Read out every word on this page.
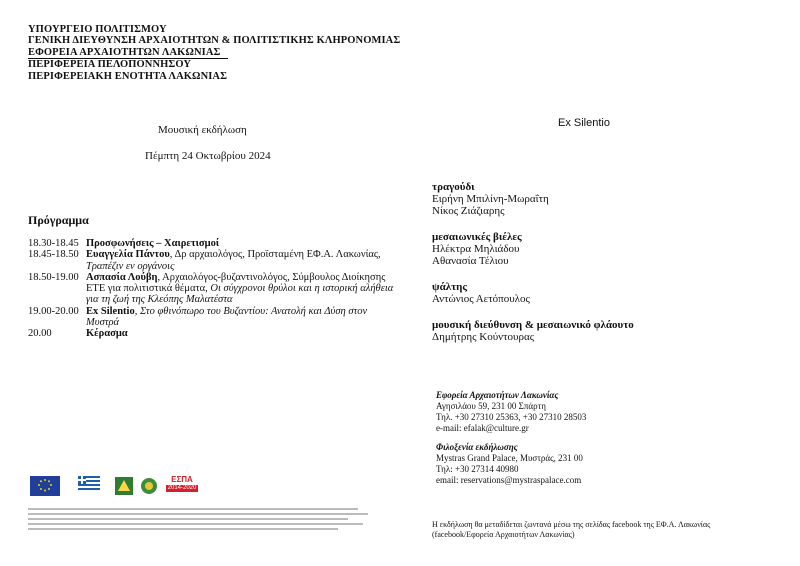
ΥΠΟΥΡΓΕΙΟ ΠΟΛΙΤΙΣΜΟΥ
ΓΕΝΙΚΗ ΔΙΕΥΘΥΝΣΗ ΑΡΧΑΙΟΤΗΤΩΝ & ΠΟΛΙΤΙΣΤΙΚΗΣ ΚΛΗΡΟΝΟΜΙΑΣ
ΕΦΟΡΕΙΑ ΑΡΧΑΙΟΤΗΤΩΝ ΛΑΚΩΝΙΑΣ
ΠΕΡΙΦΕΡΕΙΑ ΠΕΛΟΠΟΝΝΗΣΟΥ
ΠΕΡΙΦΕΡΕΙΑΚΗ ΕΝΟΤΗΤΑ ΛΑΚΩΝΙΑΣ
Μουσική εκδήλωση
Πέμπτη 24 Οκτωβρίου 2024
Ex Silentio
Πρόγραμμα
18.30-18.45 Προσφωνήσεις – Χαιρετισμοί
18.45-18.50 Ευαγγελία Πάντου, Δρ αρχαιολόγος, Προϊσταμένη ΕΦ.Α. Λακωνίας, Τραπέζιν εν οργάνοις
18.50-19.00 Ασπασία Λούβη, Αρχαιολόγος-βυζαντινολόγος, Σύμβουλος Διοίκησης ΕΤΕ για πολιτιστικά θέματα, Οι σύγχρονοι θρύλοι και η ιστορική αλήθεια για τη ζωή της Κλεόπης Μαλατέστα
19.00-20.00 Ex Silentio, Στο φθινόπωρο του Βυζαντίου: Ανατολή και Δύση στον Μυστρά
20.00	Κέρασμα
τραγούδι
Ειρήνη Μπιλίνη-Μωραΐτη
Νίκος Ζιάζιαρης
μεσαιωνικές βιέλες
Ηλέκτρα Μηλιάδου
Αθανασία Τέλιου
ψάλτης
Αντώνιος Αετόπουλος
μουσική διεύθυνση & μεσαιωνικό φλάουτο
Δημήτρης Κούντουρας
Εφορεία Αρχαιοτήτων Λακωνίας
Αγησιλάου 59, 231 00 Σπάρτη
Τηλ. +30 27310 25363, +30 27310 28503
e-mail: efalak@culture.gr
Φιλοξενία εκδήλωσης
Mystras Grand Palace, Μυστράς, 231 00
Τηλ: +30 27314 40980
email: reservations@mystraspalace.com
Η εκδήλωση θα μεταδίδεται ζωντανά μέσω της σελίδας facebook της ΕΦ.Α. Λακωνίας
(facebook/Εφορεία Αρχαιοτήτων Λακωνίας)
ΕΣΠΑ
2014-2020
